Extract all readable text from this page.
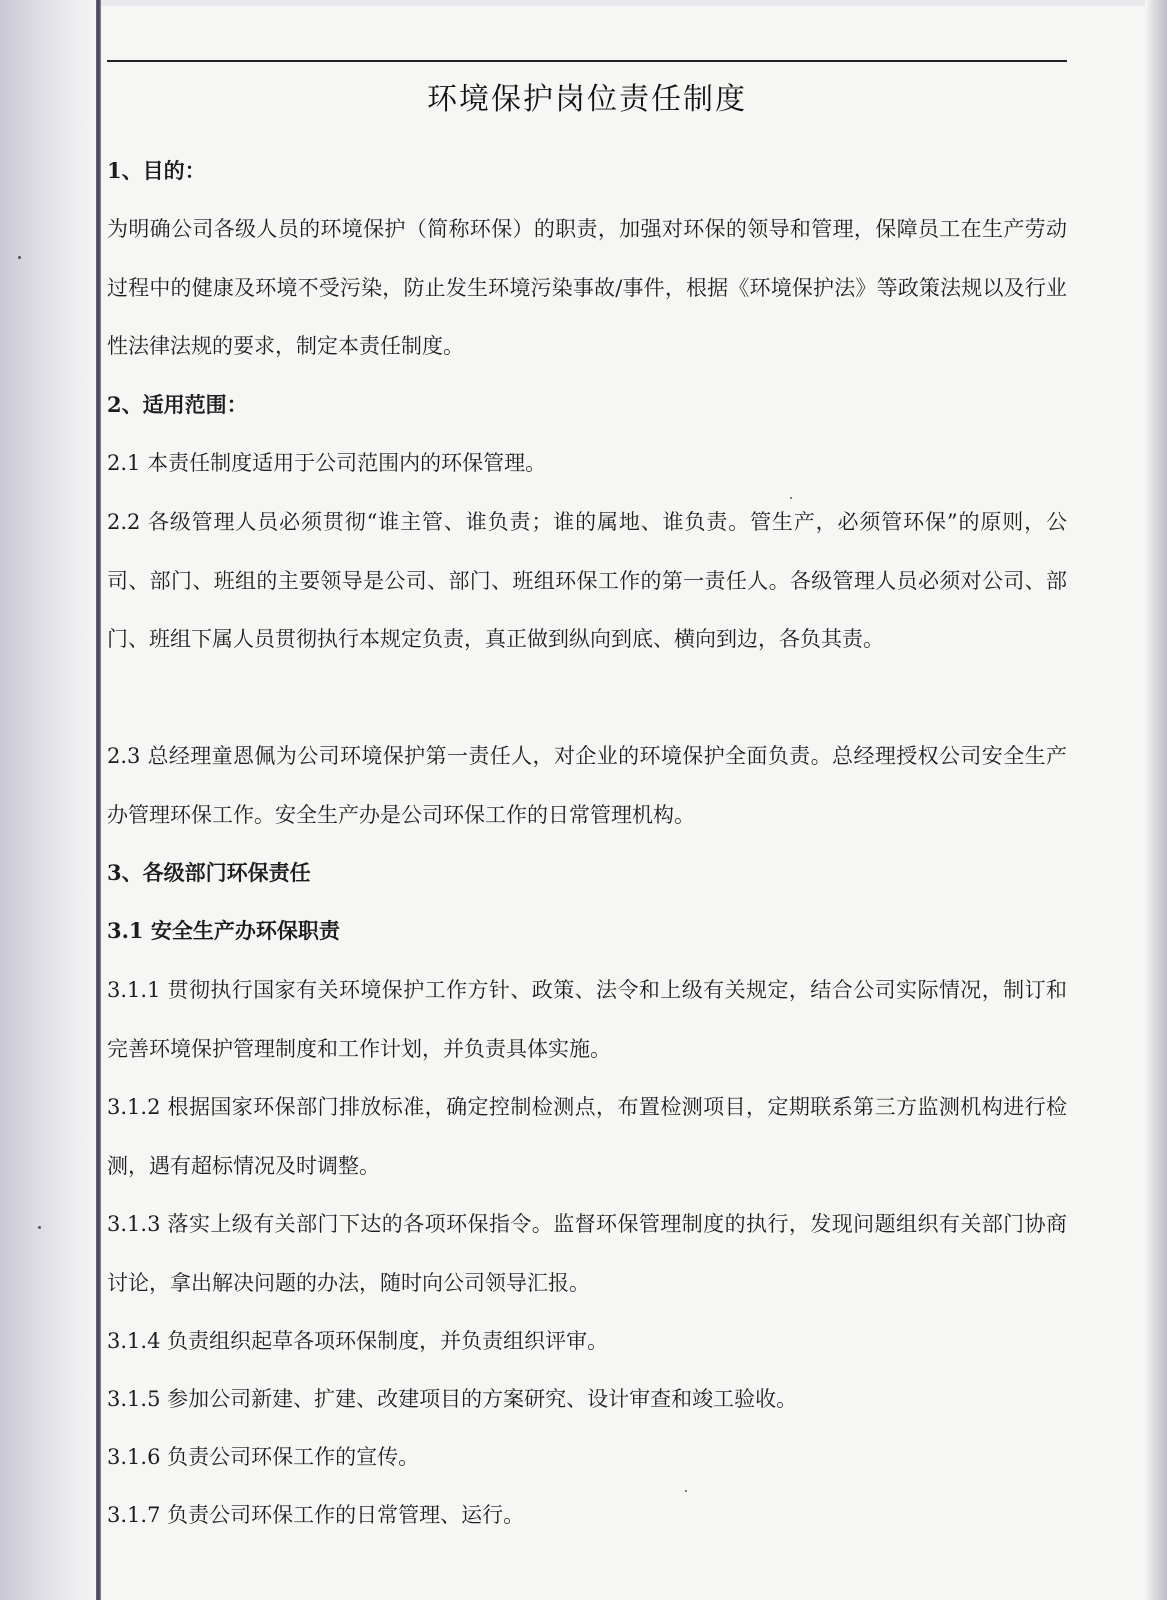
环境保护岗位责任制度

1、目的：

为明确公司各级人员的环境保护（简称环保）的职责，加强对环保的领导和管理，保障员工在生产劳动过程中的健康及环境不受污染，防止发生环境污染事故/事件，根据《环境保护法》等政策法规以及行业性法律法规的要求，制定本责任制度。

2、适用范围：

2.1 本责任制度适用于公司范围内的环保管理。

2.2 各级管理人员必须贯彻“谁主管、谁负责；谁的属地、谁负责。管生产，必须管环保”的原则，公司、部门、班组的主要领导是公司、部门、班组环保工作的第一责任人。各级管理人员必须对公司、部门、班组下属人员贯彻执行本规定负责，真正做到纵向到底、横向到边，各负其责。

2.3 总经理童恩佩为公司环境保护第一责任人，对企业的环境保护全面负责。总经理授权公司安全生产办管理环保工作。安全生产办是公司环保工作的日常管理机构。

3、各级部门环保责任

3.1 安全生产办环保职责

3.1.1 贯彻执行国家有关环境保护工作方针、政策、法令和上级有关规定，结合公司实际情况，制订和完善环境保护管理制度和工作计划，并负责具体实施。

3.1.2 根据国家环保部门排放标准，确定控制检测点，布置检测项目，定期联系第三方监测机构进行检测，遇有超标情况及时调整。

3.1.3 落实上级有关部门下达的各项环保指令。监督环保管理制度的执行，发现问题组织有关部门协商讨论，拿出解决问题的办法，随时向公司领导汇报。

3.1.4 负责组织起草各项环保制度，并负责组织评审。

3.1.5 参加公司新建、扩建、改建项目的方案研究、设计审查和竣工验收。

3.1.6 负责公司环保工作的宣传。

3.1.7 负责公司环保工作的日常管理、运行。
